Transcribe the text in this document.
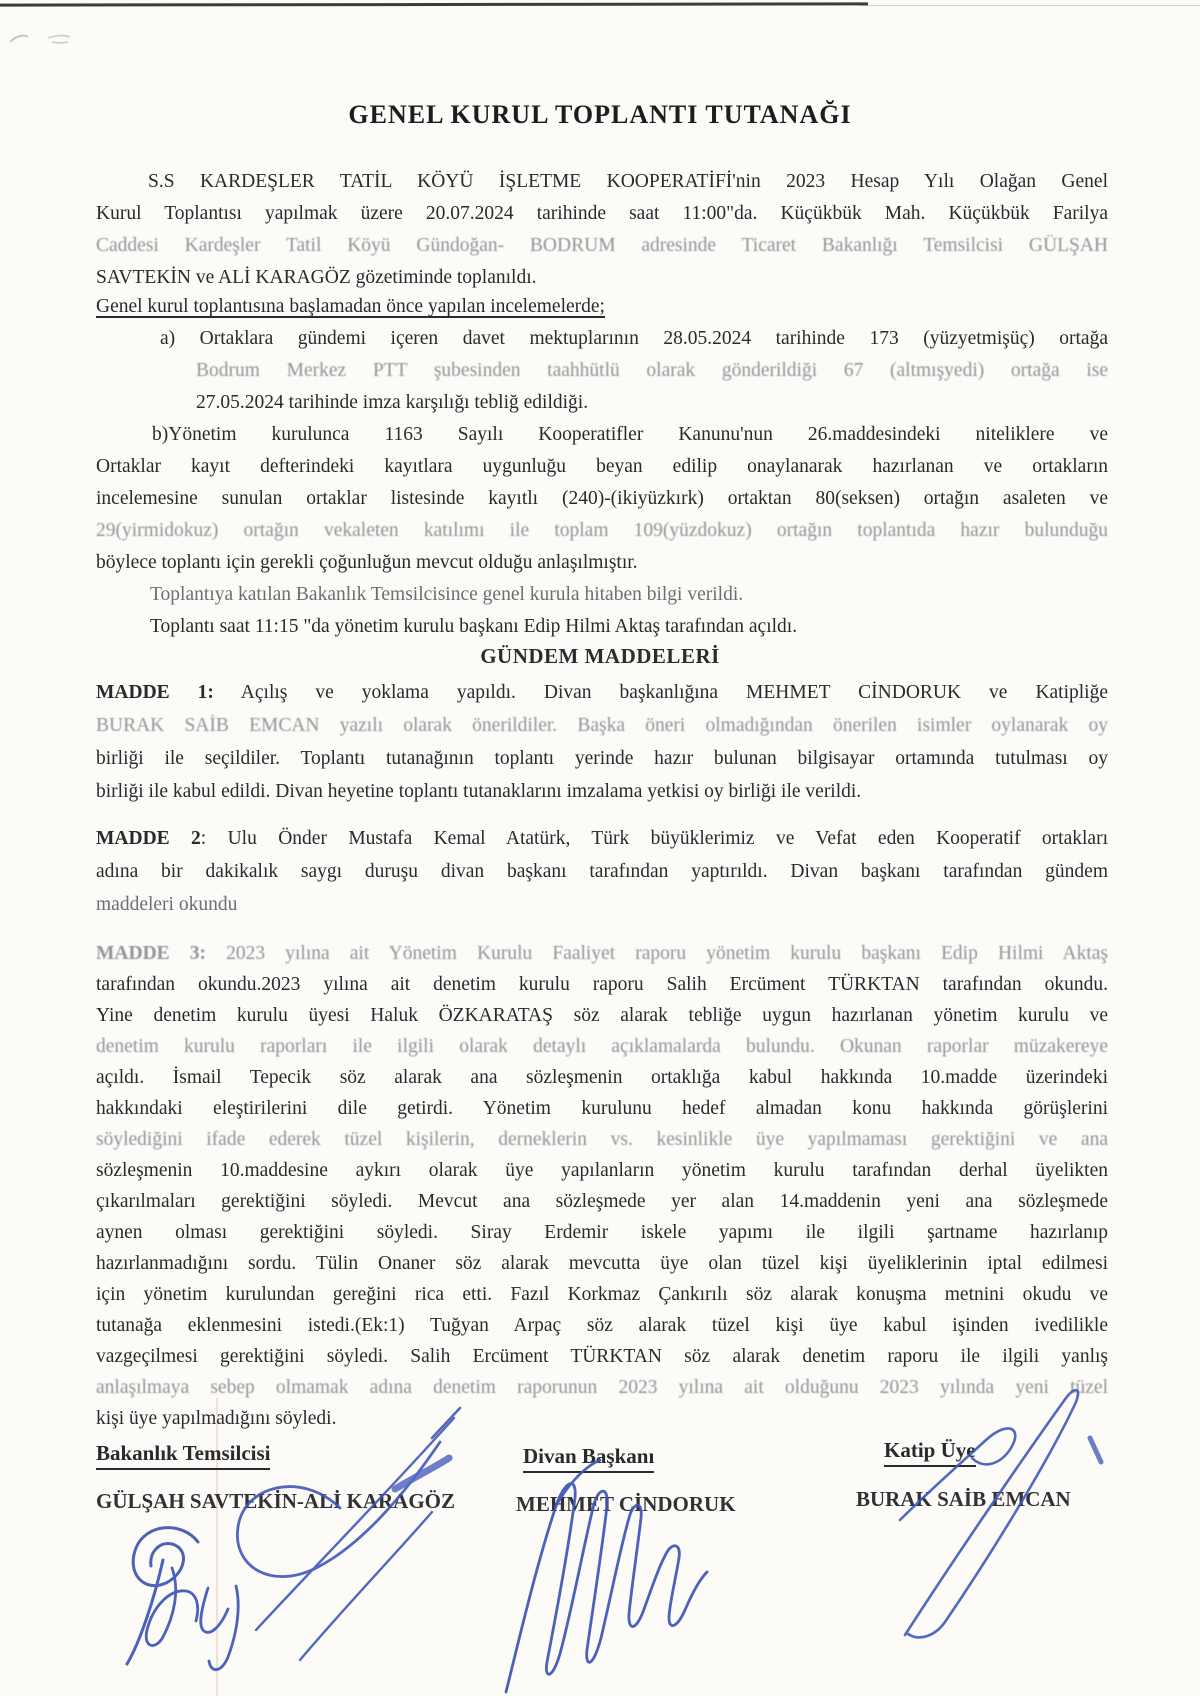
GENEL KURUL TOPLANTI TUTANAĞI
S.S KARDEŞLER TATİL KÖYÜ İŞLETME KOOPERATİFİ'nin 2023 Hesap Yılı Olağan Genel
Kurul Toplantısı yapılmak üzere 20.07.2024 tarihinde saat 11:00"da. Küçükbük Mah. Küçükbük Farilya
Caddesi Kardeşler Tatil Köyü Gündoğan- BODRUM adresinde Ticaret Bakanlığı Temsilcisi GÜLŞAH
SAVTEKİN ve ALİ KARAGÖZ gözetiminde toplanıldı.
Genel kurul toplantısına başlamadan önce yapılan incelemelerde;
a) Ortaklara gündemi içeren davet mektuplarının 28.05.2024 tarihinde 173 (yüzyetmişüç) ortağa
Bodrum Merkez PTT şubesinden taahhütlü olarak gönderildiği 67 (altmışyedi) ortağa ise
27.05.2024 tarihinde imza karşılığı tebliğ edildiği.
b)Yönetim kurulunca 1163 Sayılı Kooperatifler Kanunu'nun 26.maddesindeki niteliklere ve
Ortaklar kayıt defterindeki kayıtlara uygunluğu beyan edilip onaylanarak hazırlanan ve ortakların
incelemesine sunulan ortaklar listesinde kayıtlı (240)-(ikiyüzkırk) ortaktan 80(seksen) ortağın asaleten ve
29(yirmidokuz) ortağın vekaleten katılımı ile toplam 109(yüzdokuz) ortağın toplantıda hazır bulunduğu
böylece toplantı için gerekli çoğunluğun mevcut olduğu anlaşılmıştır.
Toplantıya katılan Bakanlık Temsilcisince genel kurula hitaben bilgi verildi.
Toplantı saat 11:15 "da yönetim kurulu başkanı Edip Hilmi Aktaş tarafından açıldı.
GÜNDEM MADDELERİ
MADDE 1: Açılış ve yoklama yapıldı. Divan başkanlığına MEHMET CİNDORUK ve Katipliğe
BURAK SAİB EMCAN yazılı olarak önerildiler. Başka öneri olmadığından önerilen isimler oylanarak oy
birliği ile seçildiler. Toplantı tutanağının toplantı yerinde hazır bulunan bilgisayar ortamında tutulması oy
birliği ile kabul edildi. Divan heyetine toplantı tutanaklarını imzalama yetkisi oy birliği ile verildi.
MADDE 2: Ulu Önder Mustafa Kemal Atatürk, Türk büyüklerimiz ve Vefat eden Kooperatif ortakları
adına bir dakikalık saygı duruşu divan başkanı tarafından yaptırıldı. Divan başkanı tarafından gündem
maddeleri okundu
MADDE 3: 2023 yılına ait Yönetim Kurulu Faaliyet raporu yönetim kurulu başkanı Edip Hilmi Aktaş
tarafından okundu.2023 yılına ait denetim kurulu raporu Salih Ercüment TÜRKTAN tarafından okundu.
Yine denetim kurulu üyesi Haluk ÖZKARATAŞ söz alarak tebliğe uygun hazırlanan yönetim kurulu ve
denetim kurulu raporları ile ilgili olarak detaylı açıklamalarda bulundu. Okunan raporlar müzakereye
açıldı. İsmail Tepecik söz alarak ana sözleşmenin ortaklığa kabul hakkında 10.madde üzerindeki
hakkındaki eleştirilerini dile getirdi. Yönetim kurulunu hedef almadan konu hakkında görüşlerini
söylediğini ifade ederek tüzel kişilerin, derneklerin vs. kesinlikle üye yapılmaması gerektiğini ve ana
sözleşmenin 10.maddesine aykırı olarak üye yapılanların yönetim kurulu tarafından derhal üyelikten
çıkarılmaları gerektiğini söyledi. Mevcut ana sözleşmede yer alan 14.maddenin yeni ana sözleşmede
aynen olması gerektiğini söyledi. Siray Erdemir iskele yapımı ile ilgili şartname hazırlanıp
hazırlanmadığını sordu. Tülin Onaner söz alarak mevcutta üye olan tüzel kişi üyeliklerinin iptal edilmesi
için yönetim kurulundan gereğini rica etti. Fazıl Korkmaz Çankırılı söz alarak konuşma metnini okudu ve
tutanağa eklenmesini istedi.(Ek:1) Tuğyan Arpaç söz alarak tüzel kişi üye kabul işinden ivedilikle
vazgeçilmesi gerektiğini söyledi. Salih Ercüment TÜRKTAN söz alarak denetim raporu ile ilgili yanlış
anlaşılmaya sebep olmamak adına denetim raporunun 2023 yılına ait olduğunu 2023 yılında yeni tüzel
kişi üye yapılmadığını söyledi.
Bakanlık Temsilcisi	Divan Başkanı	Katip Üye
GÜLŞAH SAVTEKİN-ALİ KARAGÖZ	MEHMET CİNDORUK	BURAK SAİB EMCAN
